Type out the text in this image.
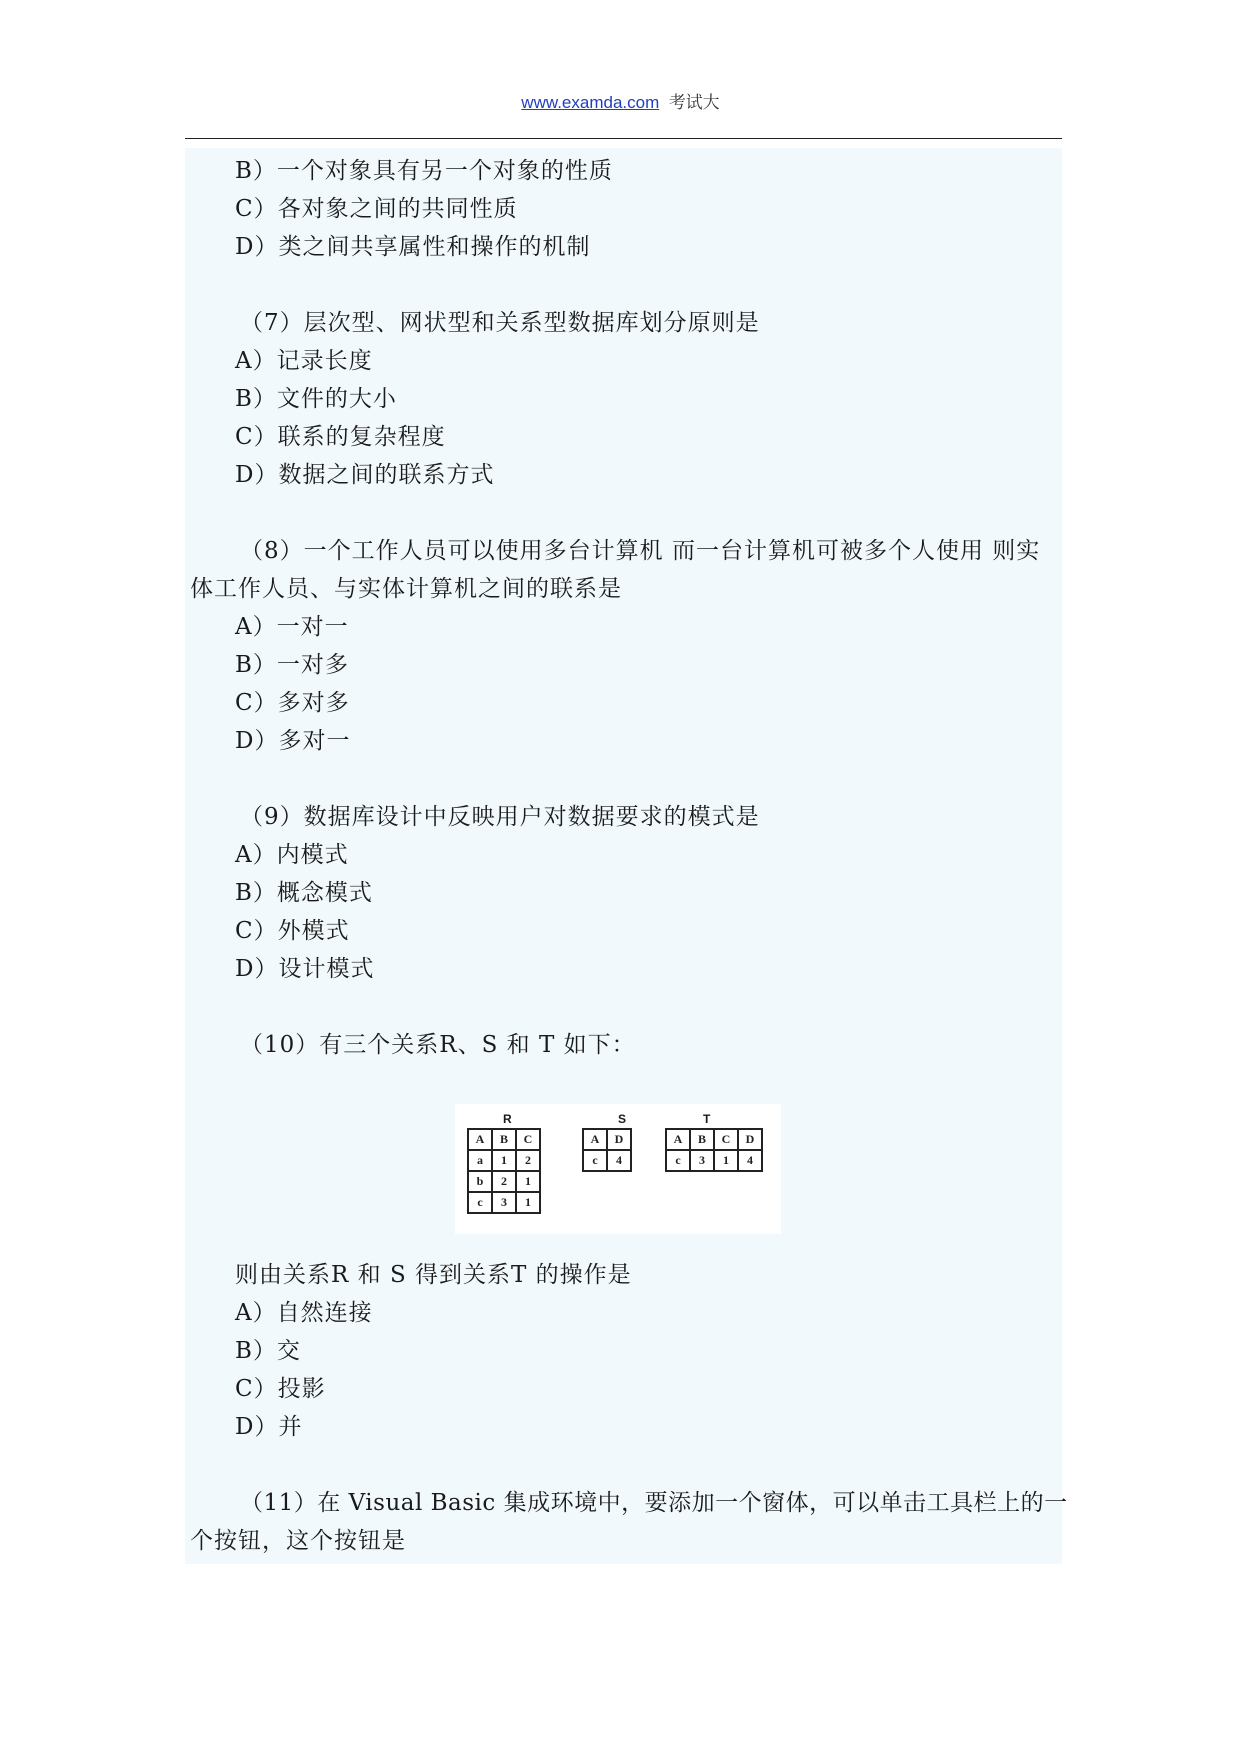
www.examda.com 考试大
B）一个对象具有另一个对象的性质
C）各对象之间的共同性质
D）类之间共享属性和操作的机制
（7）层次型、网状型和关系型数据库划分原则是
A）记录长度
B）文件的大小
C）联系的复杂程度
D）数据之间的联系方式
（8）一个工作人员可以使用多台计算机 而一台计算机可被多个人使用 则实
体工作人员、与实体计算机之间的联系是
A）一对一
B）一对多
C）多对多
D）多对一
（9）数据库设计中反映用户对数据要求的模式是
A）内模式
B）概念模式
C）外模式
D）设计模式
（10）有三个关系R、S 和 T 如下：
R
A	B	C
a	1	2
b	2	1
c	3	1
S
A	D
c	4
T
A	B	C	D
c	3	1	4
则由关系R 和 S 得到关系T 的操作是
A）自然连接
B）交
C）投影
D）并
（11）在 Visual Basic 集成环境中，要添加一个窗体，可以单击工具栏上的一
个按钮，这个按钮是
